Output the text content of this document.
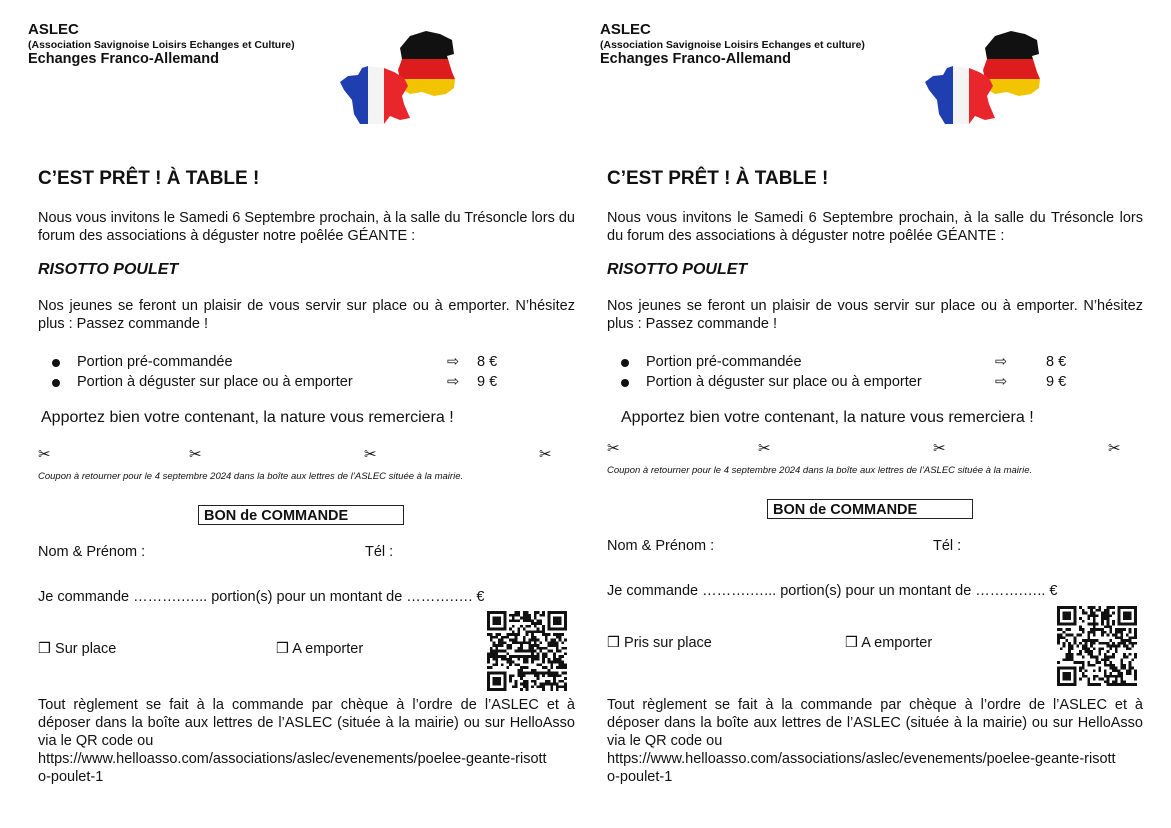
ASLEC
(Association Savignoise Loisirs Echanges et Culture)
Echanges Franco-Allemand
C’EST PRÊT ! À TABLE !
Nous vous invitons le Samedi 6 Septembre prochain, à la salle du Trésoncle lors du forum des associations à déguster notre poêlée GÉANTE :
RISOTTO POULET
Nos jeunes se feront un plaisir de vous servir sur place ou à emporter. N’hésitez plus : Passez commande !
Portion pré-commandée	⇨ 8 €
Portion à déguster sur place ou à emporter	⇨ 9 €
Apportez bien votre contenant, la nature vous remerciera !
✂	✂	✂	✂
Coupon à retourner pour le 4 septembre 2024 dans la boîte aux lettres de l’ASLEC située à la mairie.
BON de COMMANDE
Nom & Prénom :	Tél :
Je commande ……….…... portion(s) pour un montant de ……….…. €
❒ Sur place	❒ A emporter
Tout règlement se fait à la commande par chèque à l’ordre de l’ASLEC et à déposer dans la boîte aux lettres de l’ASLEC (située à la mairie) ou sur HelloAsso via le QR code ou
https://www.helloasso.com/associations/aslec/evenements/poelee-geante-risott
o-poulet-1
ASLEC
(Association Savignoise Loisirs Echanges et culture)
Echanges Franco-Allemand
C’EST PRÊT ! À TABLE !
Nous vous invitons le Samedi 6 Septembre prochain, à la salle du Trésoncle lors du forum des associations à déguster notre poêlée GÉANTE :
RISOTTO POULET
Nos jeunes se feront un plaisir de vous servir sur place ou à emporter. N’hésitez plus : Passez commande !
Portion pré-commandée	⇨	8 €
Portion à déguster sur place ou à emporter	⇨	9 €
Apportez bien votre contenant, la nature vous remerciera !
✂	✂	✂	✂
Coupon à retourner pour le 4 septembre 2024 dans la boîte aux lettres de l’ASLEC située à la mairie.
BON de COMMANDE
Nom & Prénom :	Tél :
Je commande ……….…... portion(s) pour un montant de ……….….. €
❒ Pris sur place	❒ A emporter
Tout règlement se fait à la commande par chèque à l’ordre de l’ASLEC et à déposer dans la boîte aux lettres de l’ASLEC (située à la mairie) ou sur HelloAsso via le QR code ou
https://www.helloasso.com/associations/aslec/evenements/poelee-geante-risott
o-poulet-1
